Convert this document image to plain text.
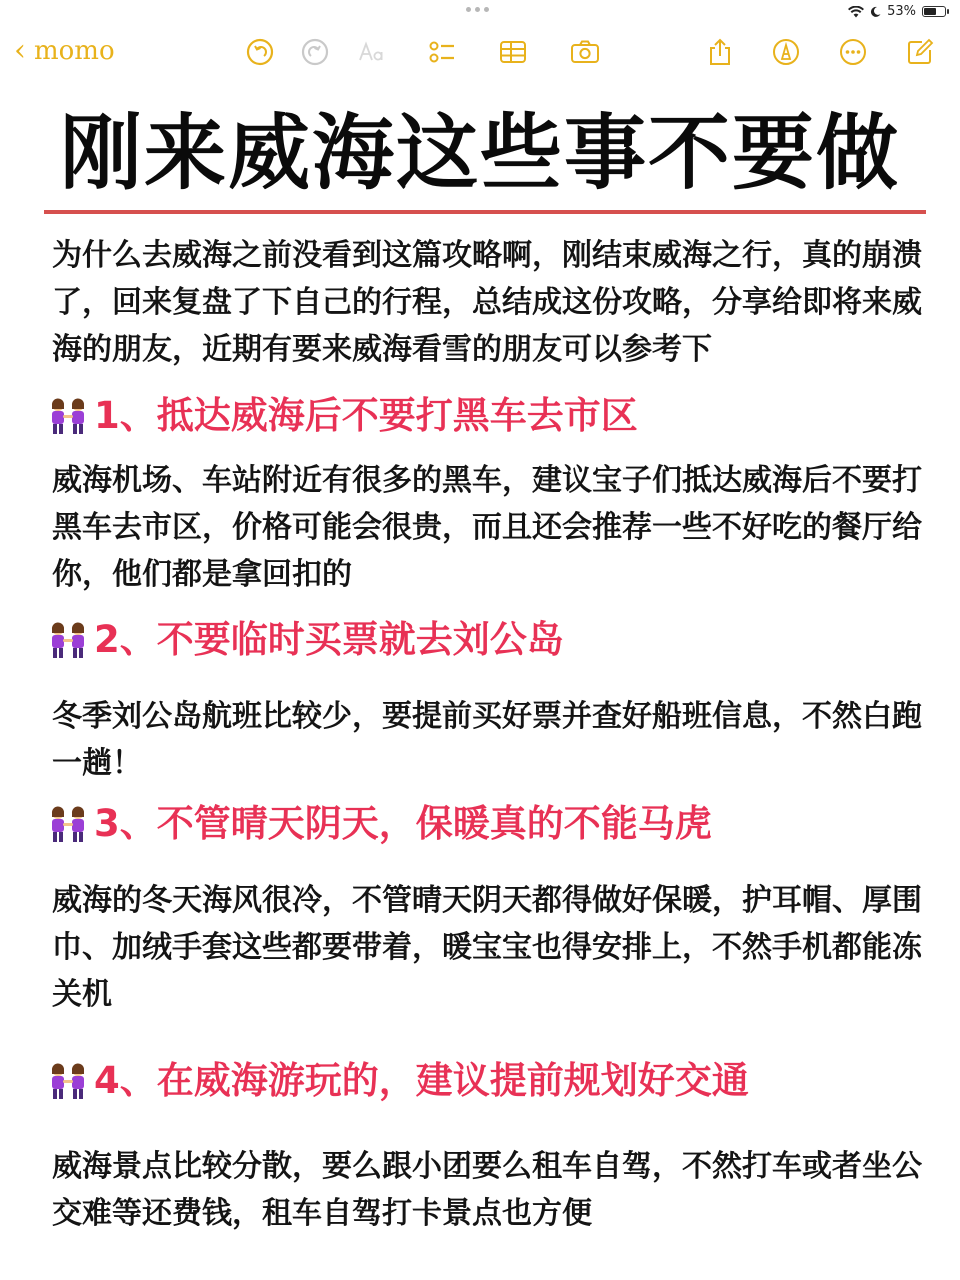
53%
‹ momo
刚来威海这些事不要做

为什么去威海之前没看到这篇攻略啊，刚结束威海之行，真的崩溃了，回来复盘了下自己的行程，总结成这份攻略，分享给即将来威海的朋友，近期有要来威海看雪的朋友可以参考下

1、抵达威海后不要打黑车去市区

威海机场、车站附近有很多的黑车，建议宝子们抵达威海后不要打黑车去市区，价格可能会很贵，而且还会推荐一些不好吃的餐厅给你，他们都是拿回扣的

2、不要临时买票就去刘公岛

冬季刘公岛航班比较少，要提前买好票并查好船班信息，不然白跑一趟！

3、不管晴天阴天，保暖真的不能马虎

威海的冬天海风很冷，不管晴天阴天都得做好保暖，护耳帽、厚围巾、加绒手套这些都要带着，暖宝宝也得安排上，不然手机都能冻关机

4、在威海游玩的，建议提前规划好交通

威海景点比较分散，要么跟小团要么租车自驾，不然打车或者坐公交难等还费钱，租车自驾打卡景点也方便
